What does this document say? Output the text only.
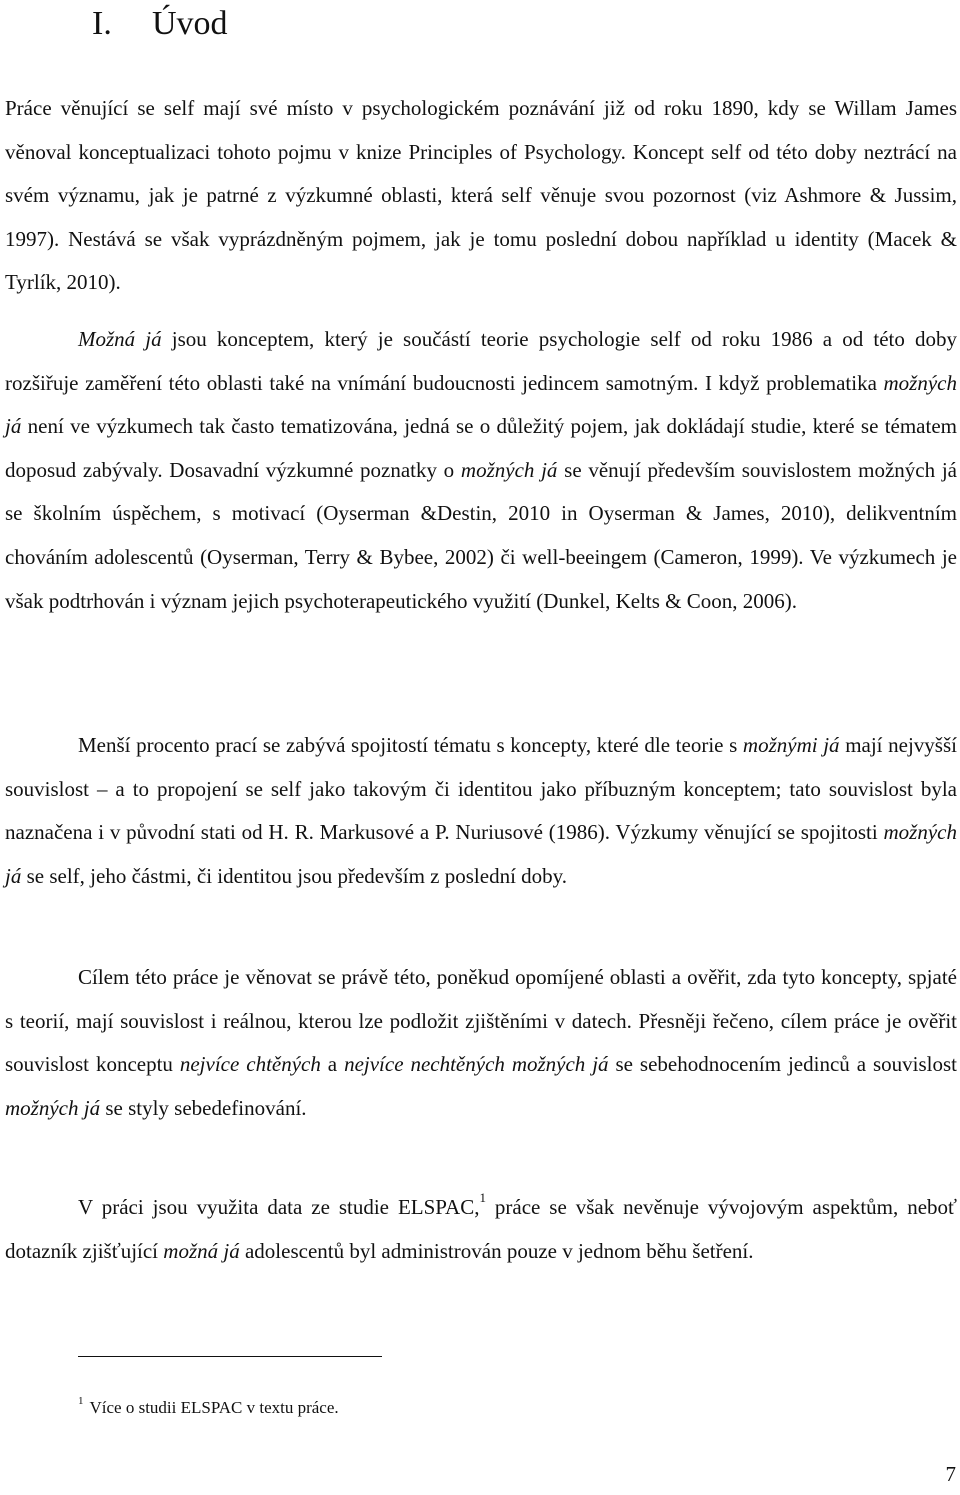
I. Úvod

Práce věnující se self mají své místo v psychologickém poznávání již od roku 1890, kdy se Willam James věnoval konceptualizaci tohoto pojmu v knize Principles of Psychology. Koncept self od této doby neztrácí na svém významu, jak je patrné z výzkumné oblasti, která self věnuje svou pozornost (viz Ashmore & Jussim, 1997). Nestává se však vyprázdněným pojmem, jak je tomu poslední dobou například u identity (Macek & Tyrlík, 2010).

Možná já jsou konceptem, který je součástí teorie psychologie self od roku 1986 a od této doby rozšiřuje zaměření této oblasti také na vnímání budoucnosti jedincem samotným. I když problematika možných já není ve výzkumech tak často tematizována, jedná se o důležitý pojem, jak dokládají studie, které se tématem doposud zabývaly. Dosavadní výzkumné poznatky o možných já se věnují především souvislostem možných já se školním úspěchem, s motivací (Oyserman &Destin, 2010 in Oyserman & James, 2010), delikventním chováním adolescentů (Oyserman, Terry & Bybee, 2002) či well-beeingem (Cameron, 1999). Ve výzkumech je však podtrhován i význam jejich psychoterapeutického využití (Dunkel, Kelts & Coon, 2006).

Menší procento prací se zabývá spojitostí tématu s koncepty, které dle teorie s možnými já mají nejvyšší souvislost – a to propojení se self jako takovým či identitou jako příbuzným konceptem; tato souvislost byla naznačena i v původní stati od H. R. Markusové a P. Nuriusové (1986). Výzkumy věnující se spojitosti možných já se self, jeho částmi, či identitou jsou především z poslední doby.

Cílem této práce je věnovat se právě této, poněkud opomíjené oblasti a ověřit, zda tyto koncepty, spjaté s teorií, mají souvislost i reálnou, kterou lze podložit zjištěními v datech. Přesněji řečeno, cílem práce je ověřit souvislost konceptu nejvíce chtěných a nejvíce nechtěných možných já se sebehodnocením jedinců a souvislost možných já se styly sebedefinování.

V práci jsou využita data ze studie ELSPAC,$^1$ práce se však nevěnuje vývojovým aspektům, neboť dotazník zjišťující možná já adolescentů byl administrován pouze v jednom běhu šetření.

$^1$ Více o studii ELSPAC v textu práce.

7
